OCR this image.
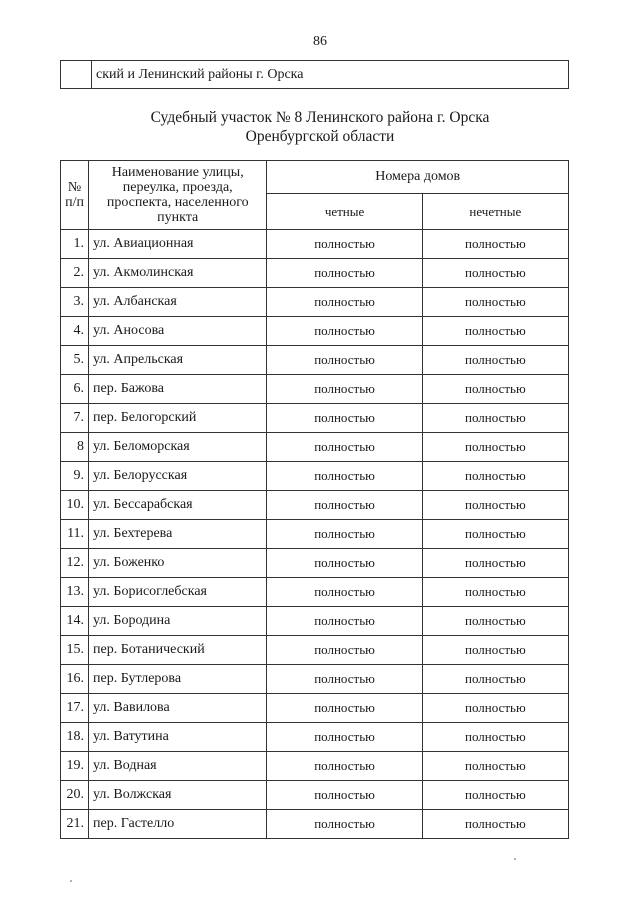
86
	ский и Ленинский районы г. Орска
Судебный участок № 8 Ленинского района г. Орска
Оренбургской области
№ п/п	Наименование улицы, переулка, проезда, проспекта, населенного пункта	Номера домов	
		четные	нечетные
1.	ул. Авиационная	полностью	полностью
2.	ул. Акмолинская	полностью	полностью
3.	ул. Албанская	полностью	полностью
4.	ул. Аносова	полностью	полностью
5.	ул. Апрельская	полностью	полностью
6.	пер. Бажова	полностью	полностью
7.	пер. Белогорский	полностью	полностью
8	ул. Беломорская	полностью	полностью
9.	ул. Белорусская	полностью	полностью
10.	ул. Бессарабская	полностью	полностью
11.	ул. Бехтерева	полностью	полностью
12.	ул. Боженко	полностью	полностью
13.	ул. Борисоглебская	полностью	полностью
14.	ул. Бородина	полностью	полностью
15.	пер. Ботанический	полностью	полностью
16.	пер. Бутлерова	полностью	полностью
17.	ул. Вавилова	полностью	полностью
18.	ул. Ватутина	полностью	полностью
19.	ул. Водная	полностью	полностью
20.	ул. Волжская	полностью	полностью
21.	пер. Гастелло	полностью	полностью
